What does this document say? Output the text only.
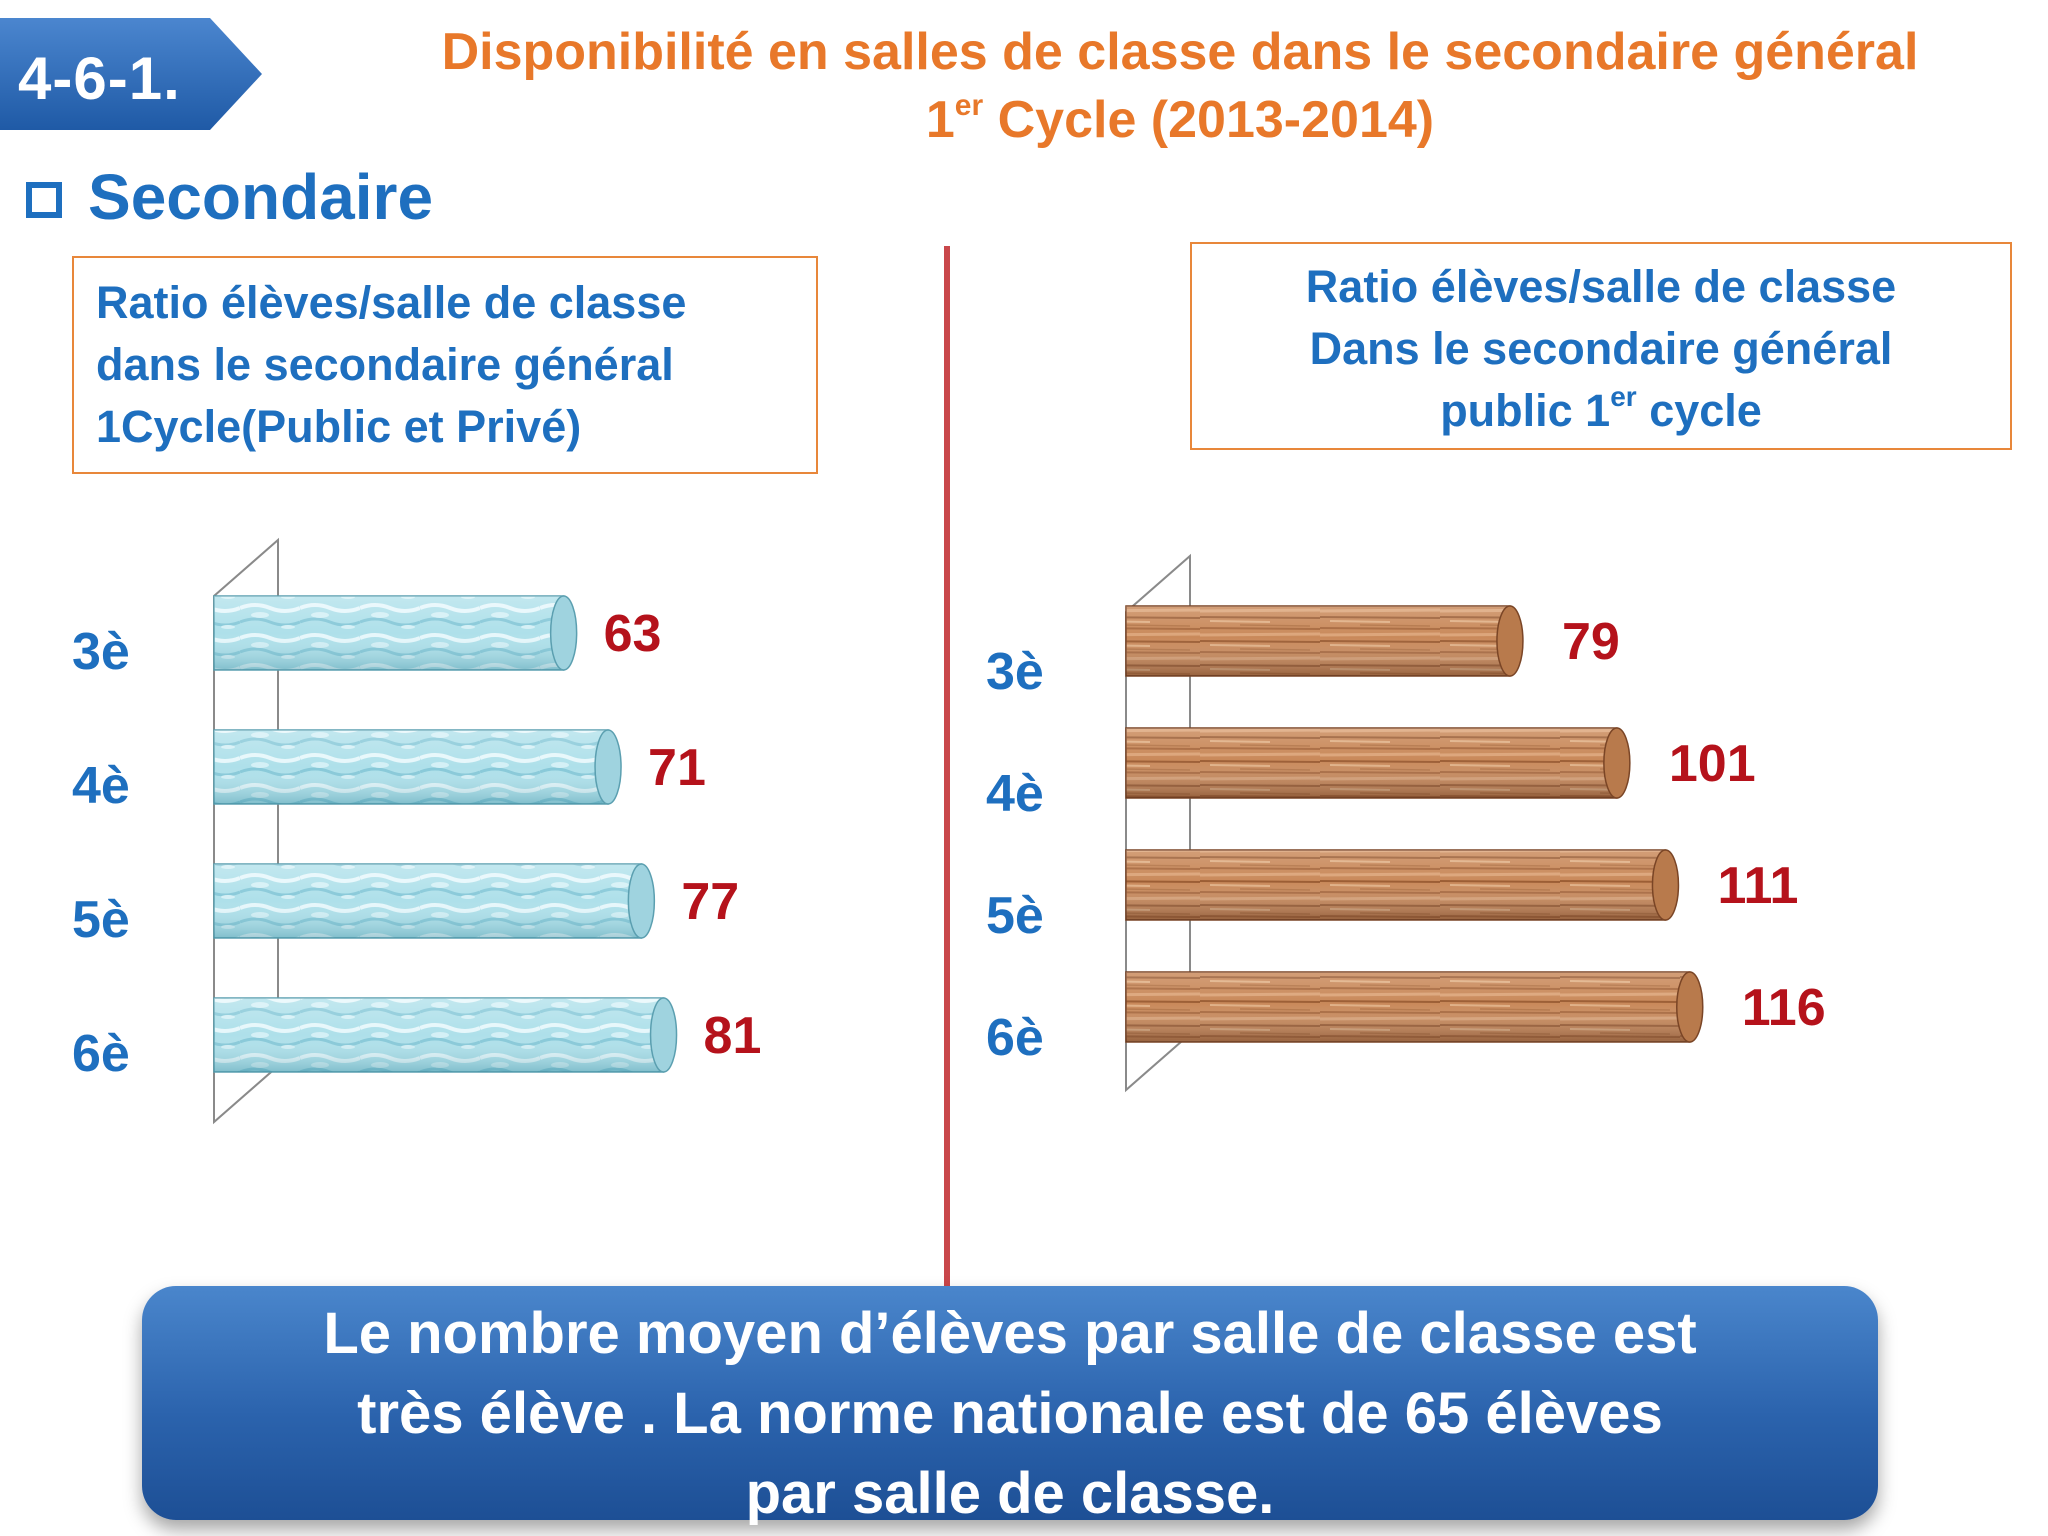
4-6-1.	Disponibilité en salles de classe dans le secondaire général
1er Cycle (2013-2014)
Secondaire
Ratio élèves/salle de classe
dans le secondaire général
1Cycle(Public et Privé)
Ratio élèves/salle de classe
Dans le secondaire général
public 1er cycle
63
3è
71
4è
77
5è
81
6è
79
3è
101
4è
111
5è
116
6è
Le nombre moyen d’élèves par salle de classe est
très élève . La norme nationale est de 65 élèves
par salle de classe.
